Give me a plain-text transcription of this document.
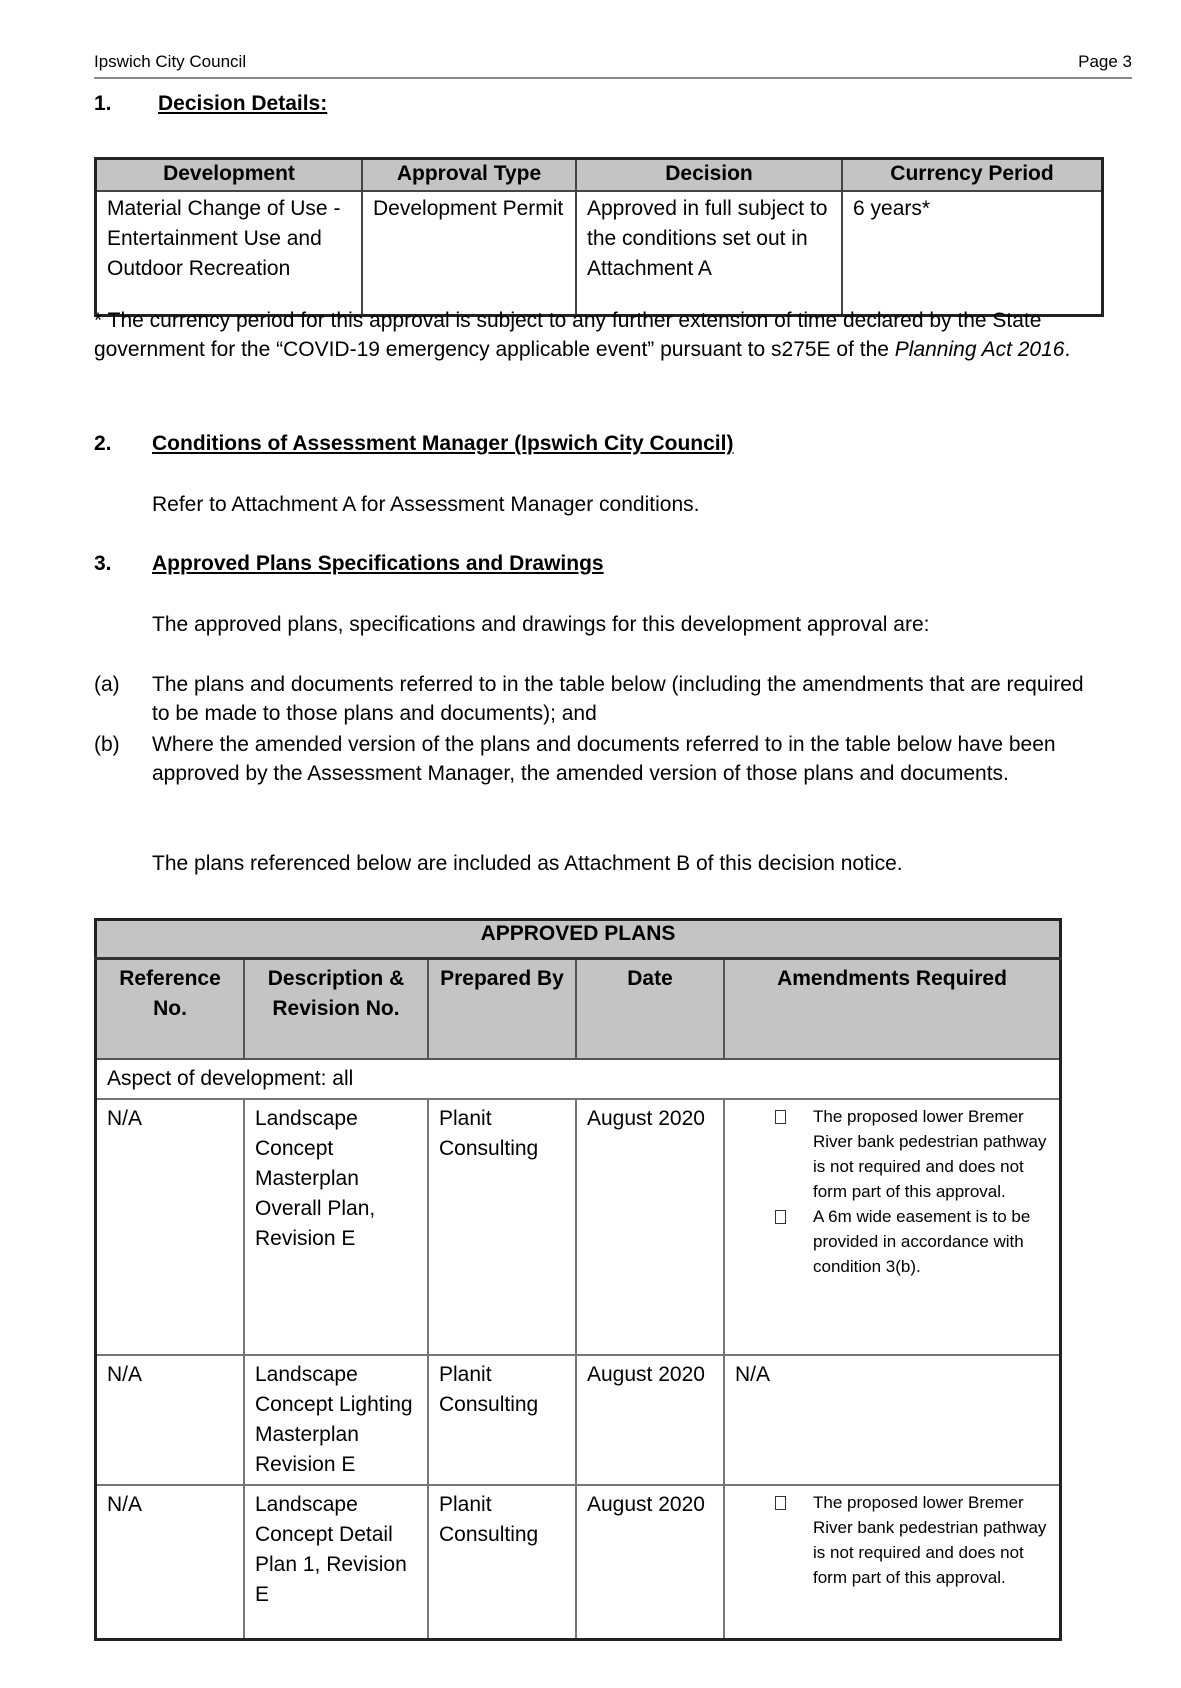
Ipswich City Council	Page 3
1. Decision Details:
Development	Approval Type	Decision	Currency Period
Material Change of Use - Entertainment Use and Outdoor Recreation	Development Permit	Approved in full subject to the conditions set out in Attachment A	6 years*
* The currency period for this approval is subject to any further extension of time declared by the State government for the “COVID-19 emergency applicable event” pursuant to s275E of the Planning Act 2016.
2. Conditions of Assessment Manager (Ipswich City Council)
Refer to Attachment A for Assessment Manager conditions.
3. Approved Plans Specifications and Drawings
The approved plans, specifications and drawings for this development approval are:
(a)	The plans and documents referred to in the table below (including the amendments that are required to be made to those plans and documents); and
(b)	Where the amended version of the plans and documents referred to in the table below have been approved by the Assessment Manager, the amended version of those plans and documents.
The plans referenced below are included as Attachment B of this decision notice.
APPROVED PLANS				
Reference No.	Description & Revision No.	Prepared By	Date	Amendments Required
Aspect of development: all				
N/A	Landscape Concept Masterplan Overall Plan, Revision E	Planit Consulting	August 2020	The proposed lower Bremer River bank pedestrian pathway is not required and does not form part of this approval.
A 6m wide easement is to be provided in accordance with condition 3(b).

N/A	Landscape Concept Lighting Masterplan Revision E	Planit Consulting	August 2020	N/A
N/A	Landscape Concept Detail Plan 1, Revision E	Planit Consulting	August 2020	The proposed lower Bremer River bank pedestrian pathway is not required and does not form part of this approval.
